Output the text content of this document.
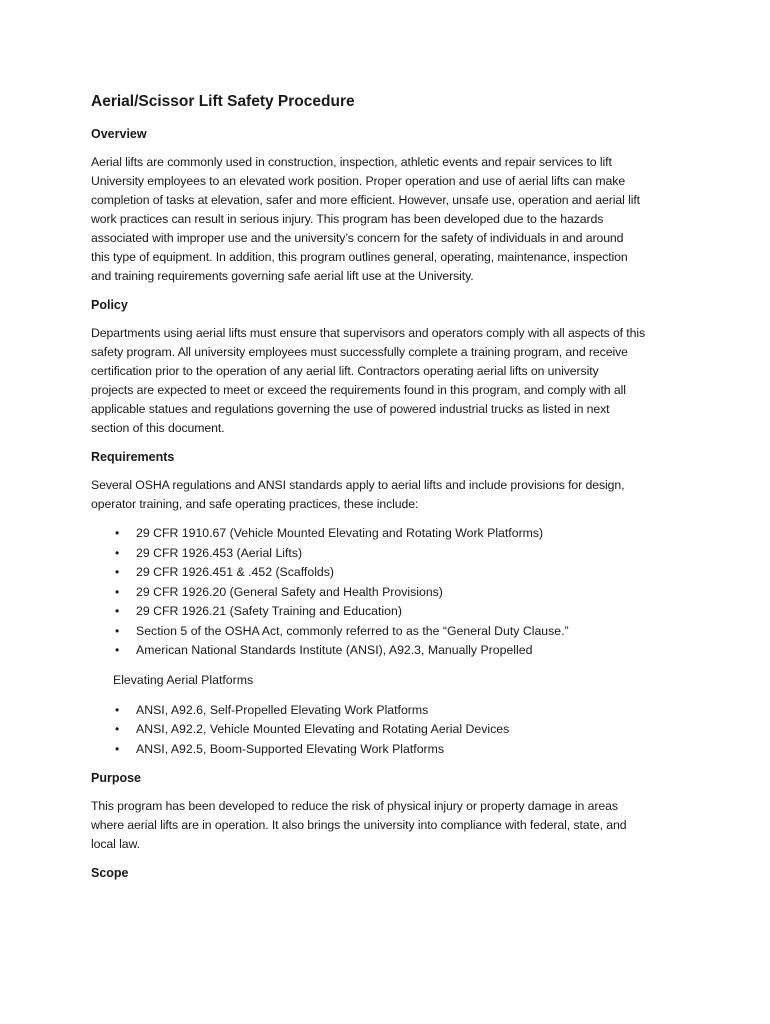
Aerial/Scissor Lift Safety Procedure
Overview
Aerial lifts are commonly used in construction, inspection, athletic events and repair services to lift
University employees to an elevated work position. Proper operation and use of aerial lifts can make
completion of tasks at elevation, safer and more efficient. However, unsafe use, operation and aerial lift
work practices can result in serious injury. This program has been developed due to the hazards
associated with improper use and the university’s concern for the safety of individuals in and around
this type of equipment. In addition, this program outlines general, operating, maintenance, inspection
and training requirements governing safe aerial lift use at the University.
Policy
Departments using aerial lifts must ensure that supervisors and operators comply with all aspects of this
safety program. All university employees must successfully complete a training program, and receive
certification prior to the operation of any aerial lift. Contractors operating aerial lifts on university
projects are expected to meet or exceed the requirements found in this program, and comply with all
applicable statues and regulations governing the use of powered industrial trucks as listed in next
section of this document.
Requirements
Several OSHA regulations and ANSI standards apply to aerial lifts and include provisions for design,
operator training, and safe operating practices, these include:
• 29 CFR 1910.67 (Vehicle Mounted Elevating and Rotating Work Platforms)
• 29 CFR 1926.453 (Aerial Lifts)
• 29 CFR 1926.451 & .452 (Scaffolds)
• 29 CFR 1926.20 (General Safety and Health Provisions)
• 29 CFR 1926.21 (Safety Training and Education)
• Section 5 of the OSHA Act, commonly referred to as the “General Duty Clause.”
• American National Standards Institute (ANSI), A92.3, Manually Propelled
Elevating Aerial Platforms
• ANSI, A92.6, Self-Propelled Elevating Work Platforms
• ANSI, A92.2, Vehicle Mounted Elevating and Rotating Aerial Devices
• ANSI, A92.5, Boom-Supported Elevating Work Platforms
Purpose
This program has been developed to reduce the risk of physical injury or property damage in areas
where aerial lifts are in operation. It also brings the university into compliance with federal, state, and
local law.
Scope
